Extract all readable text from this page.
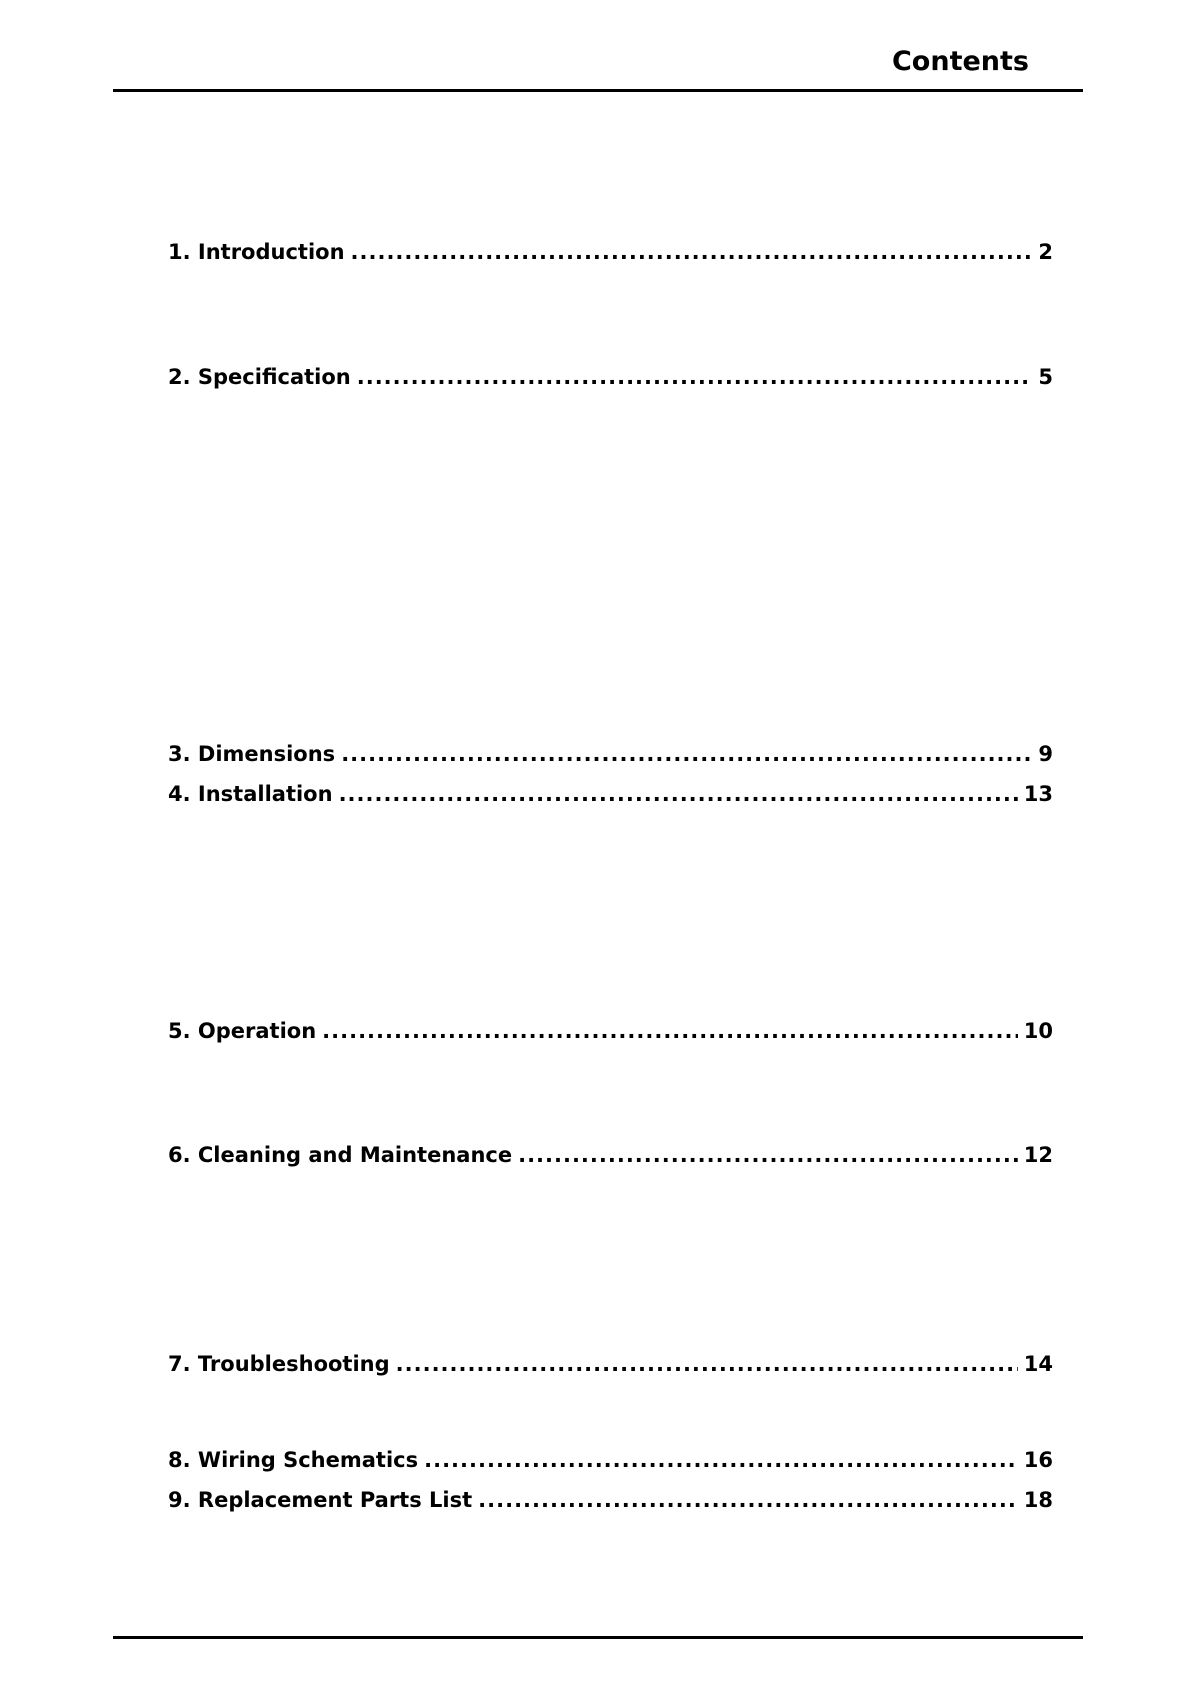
Contents
1. Introduction .....	2
2. Specification .....	5
3. Dimensions .....	9
4. Installation .....	13
5. Operation .....	10
6. Cleaning and Maintenance .....	12
7. Troubleshooting .....	14
8. Wiring Schematics .....	16
9. Replacement Parts List .....	18
